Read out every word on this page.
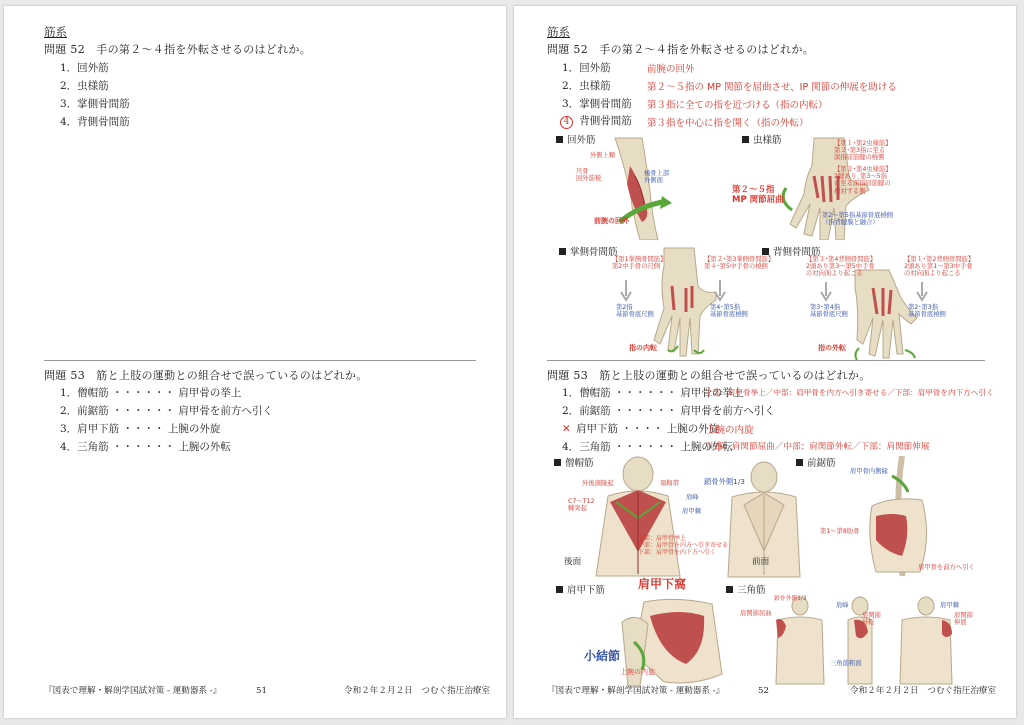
筋系
問題 52　手の第２～４指を外転させるのはどれか。
1．回外筋
2．虫様筋
3．掌側骨間筋
4．背側骨間筋
問題 53　筋と上肢の運動との組合せで誤っているのはどれか。
1．僧帽筋 ・・・・・・ 肩甲骨の挙上
2．前鋸筋 ・・・・・・ 肩甲骨を前方へ引く
3．肩甲下筋 ・・・・ 上腕の外旋
4．三角筋 ・・・・・・ 上腕の外転
『図表で理解・解剖学国試対策 - 運動器系 -』	51	令和２年２月２日　つむぐ指圧治療室
筋系
問題 52　手の第２～４指を外転させるのはどれか。
1．回外筋	前腕の回外
2．虫様筋	第２～５指の MP 関節を屈曲させ、IP 関節の伸展を助ける
3．掌側骨間筋 第３指に全ての指を近づける（指の内転）
4  背側骨間筋 第３指を中心に指を開く（指の外転）
回外筋
外側上顆
尺骨
回外筋稜
橈骨上部
外側面
前腕の回外
虫様筋	【第１･第2虫様筋】
第２･第3指に至る
深指屈筋腱の橈側
【第３･第4虫様筋】
2腱あり､第3～5指
に至る深指屈筋腱の
相対する側
第２～５指
MP 関節屈曲
第2～第5指基節骨底橈側
（指背腱膜と融合）
掌側骨間筋
【第1掌側骨間筋】
第2中手骨の尺側
【第２･第3掌側骨間筋】
第４･第5中手骨の橈側
第2指
基節骨底尺側
第4･第5指
基節骨底橈側
指の内転
背側骨間筋
【第３･第4背側骨間筋】
2頭あり第3～第5中手骨
の対向面より起こる
【第１･第2背側骨間筋】
2頭あり第1～第3中手骨
の対向面より起こる
第3･第4指
基節骨底尺側
第2･第3指
基節骨底橈側
指の外転
問題 53　筋と上肢の運動との組合せで誤っているのはどれか。
1．僧帽筋 ・・・・・・ 肩甲骨の挙上
上部：肩甲骨挙上／中部：肩甲骨を内方へ引き寄せる／下部：肩甲骨を内下方へ引く
2．前鋸筋 ・・・・・・ 肩甲骨を前方へ引く
✕  肩甲下筋 ・・・・ 上腕の外旋
上腕の内旋
4．三角筋 ・・・・・・ 上腕の外転
前部：肩関節屈曲／中部：肩関節外転／下部：肩関節伸展
僧帽筋
外後頭隆起	項靱帯
肩峰
C7～T12
棘突起	肩甲棘
鎖骨外側1/3
上部：肩甲骨挙上
中部：肩甲骨を内方へ引き寄せる
下部：肩甲骨を内下方へ引く
後面	前面
前鋸筋
肩甲骨内側縁
第1～第8肋骨
肩甲骨を前方へ引く
肩甲下筋	肩甲下窩
小結節
上腕の内旋
三角筋
鎖骨外側1/3
肩関節屈曲
肩峰
肩関節
外転
肩甲棘
肩関節
伸展
三角筋粗面
『図表で理解・解剖学国試対策 - 運動器系 -』	52	令和２年２月２日　つむぐ指圧治療室
